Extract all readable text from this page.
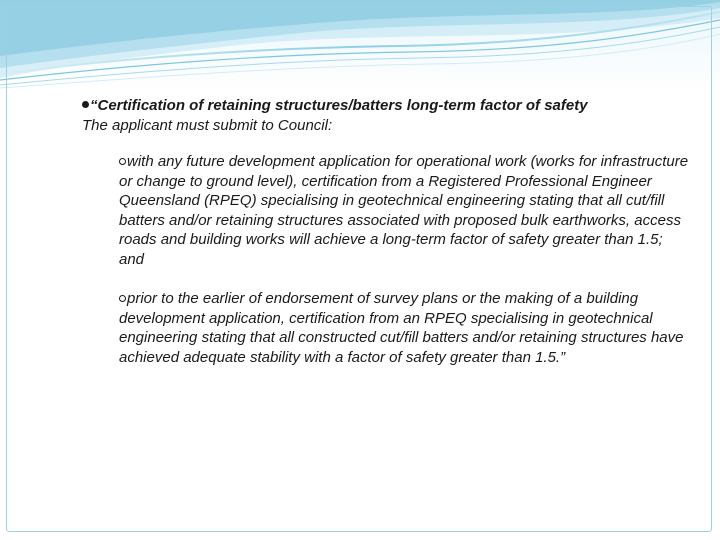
“Certification of retaining structures/batters long-term factor of safety
The applicant must submit to Council:
with any future development application for operational work (works for infrastructure or change to ground level), certification from a Registered Professional Engineer Queensland (RPEQ) specialising in geotechnical engineering stating that all cut/fill batters and/or retaining structures associated with proposed bulk earthworks, access roads and building works will achieve a long-term factor of safety greater than 1.5; and
prior to the earlier of endorsement of survey plans or the making of a building development application, certification from an RPEQ specialising in geotechnical engineering stating that all constructed cut/fill batters and/or retaining structures have achieved adequate stability with a factor of safety greater than 1.5.”
